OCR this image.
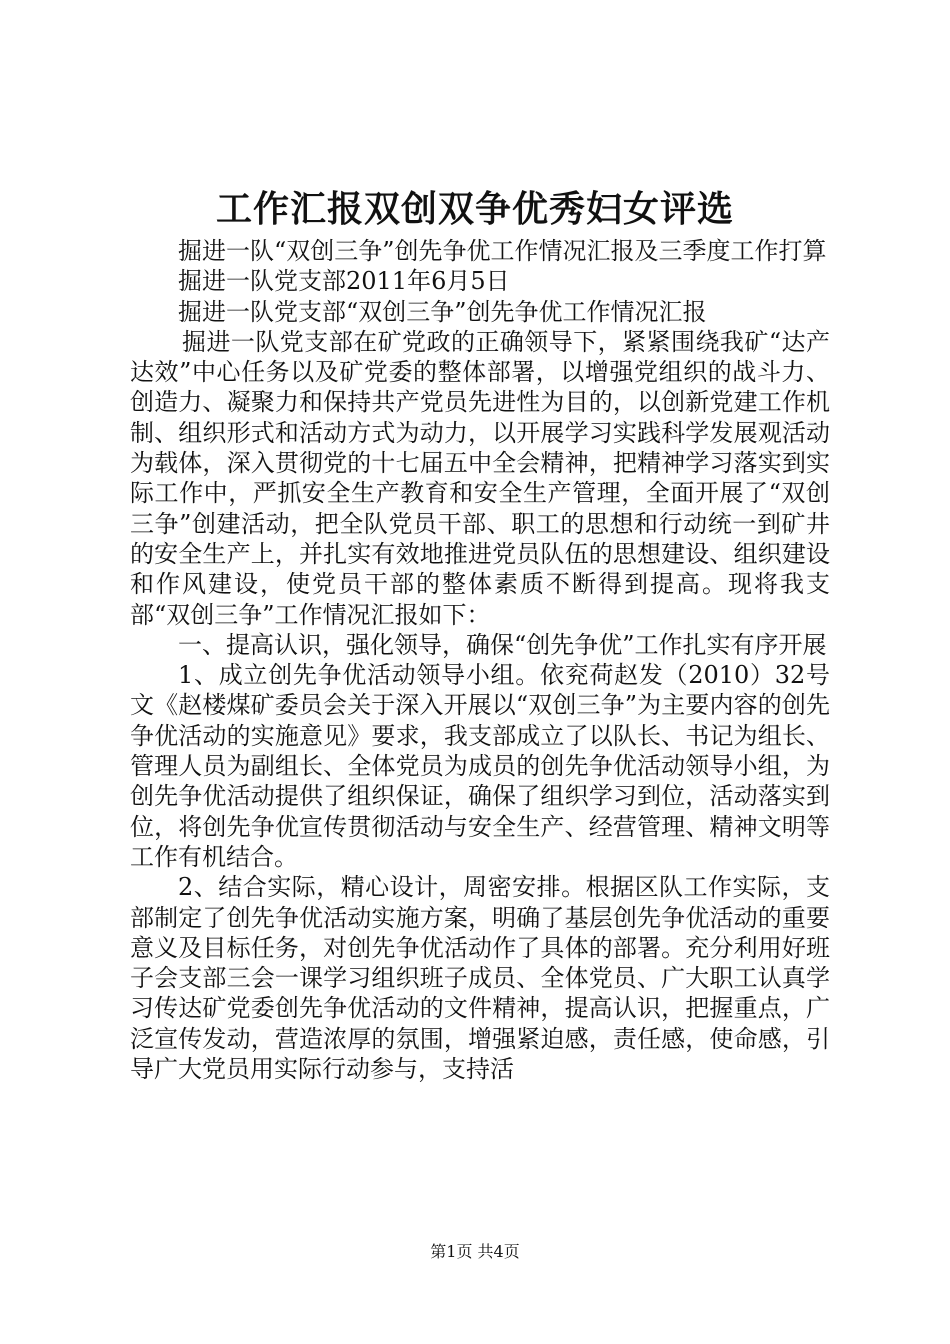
工作汇报双创双争优秀妇女评选

掘进一队“双创三争”创先争优工作情况汇报及三季度工作打算

掘进一队党支部2011年6月5日

掘进一队党支部“双创三争”创先争优工作情况汇报

掘进一队党支部在矿党政的正确领导下，紧紧围绕我矿“达产达效”中心任务以及矿党委的整体部署，以增强党组织的战斗力、创造力、凝聚力和保持共产党员先进性为目的，以创新党建工作机制、组织形式和活动方式为动力，以开展学习实践科学发展观活动为载体，深入贯彻党的十七届五中全会精神，把精神学习落实到实际工作中，严抓安全生产教育和安全生产管理，全面开展了“双创三争”创建活动，把全队党员干部、职工的思想和行动统一到矿井的安全生产上，并扎实有效地推进党员队伍的思想建设、组织建设和作风建设，使党员干部的整体素质不断得到提高。现将我支部“双创三争”工作情况汇报如下：

一、提高认识，强化领导，确保“创先争优”工作扎实有序开展

1、成立创先争优活动领导小组。依兖荷赵发（2010）32号文《赵楼煤矿委员会关于深入开展以“双创三争”为主要内容的创先争优活动的实施意见》要求，我支部成立了以队长、书记为组长、管理人员为副组长、全体党员为成员的创先争优活动领导小组，为创先争优活动提供了组织保证，确保了组织学习到位，活动落实到位，将创先争优宣传贯彻活动与安全生产、经营管理、精神文明等工作有机结合。

2、结合实际，精心设计，周密安排。根据区队工作实际，支部制定了创先争优活动实施方案，明确了基层创先争优活动的重要意义及目标任务，对创先争优活动作了具体的部署。充分利用好班子会支部三会一课学习组织班子成员、全体党员、广大职工认真学习传达矿党委创先争优活动的文件精神，提高认识，把握重点，广泛宣传发动，营造浓厚的氛围，增强紧迫感，责任感，使命感，引导广大党员用实际行动参与，支持活

第1页 共4页
